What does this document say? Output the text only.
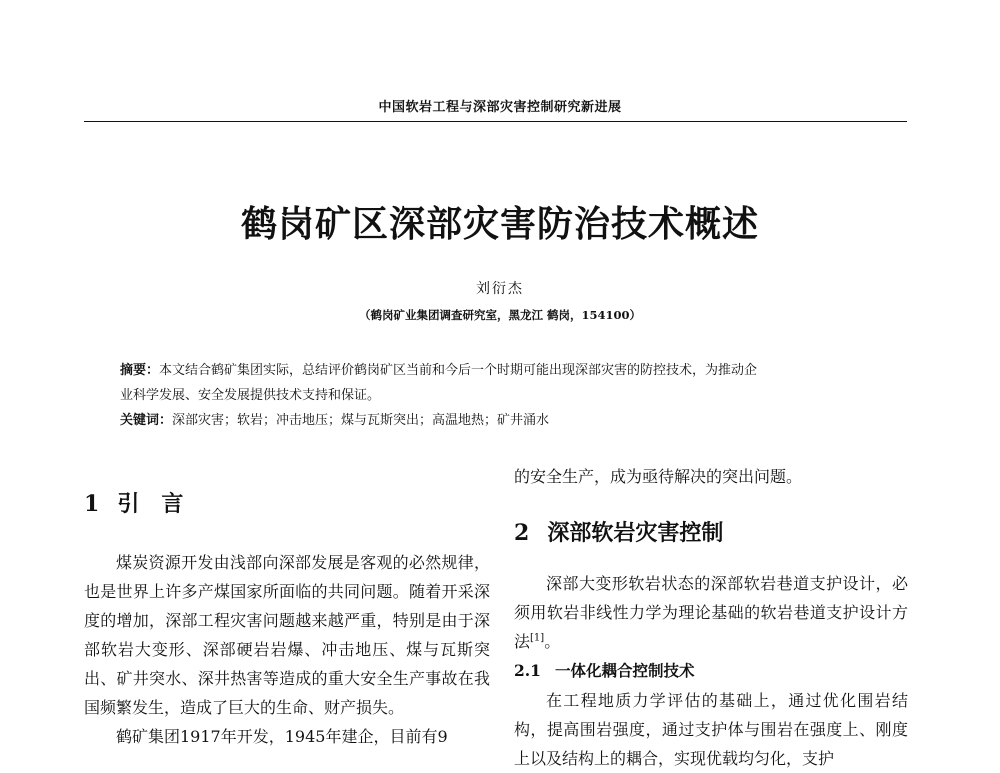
中国软岩工程与深部灾害控制研究新进展
鹤岗矿区深部灾害防治技术概述
刘衍杰
（鹤岗矿业集团调查研究室，黑龙江 鹤岗，154100）

摘要：本文结合鹤矿集团实际，总结评价鹤岗矿区当前和今后一个时期可能出现深部灾害的防控技术，为推动企

业科学发展、安全发展提供技术支持和保证。

关键词：深部灾害；软岩；冲击地压；煤与瓦斯突出；高温地热；矿井涌水

1 引　言

煤炭资源开发由浅部向深部发展是客观的必然规律，也是世界上许多产煤国家所面临的共同问题。随着开采深度的增加，深部工程灾害问题越来越严重，特别是由于深部软岩大变形、深部硬岩岩爆、冲击地压、煤与瓦斯突出、矿井突水、深井热害等造成的重大安全生产事故在我国频繁发生，造成了巨大的生命、财产损失。

鹤矿集团1917年开发，1945年建企，目前有9

的安全生产，成为亟待解决的突出问题。

2 深部软岩灾害控制

深部大变形软岩状态的深部软岩巷道支护设计，必须用软岩非线性力学为理论基础的软岩巷道支护设计方法[1]。

2.1 一体化耦合控制技术

在工程地质力学评估的基础上，通过优化围岩结构，提高围岩强度，通过支护体与围岩在强度上、刚度上以及结构上的耦合，实现优载均匀化，支护
